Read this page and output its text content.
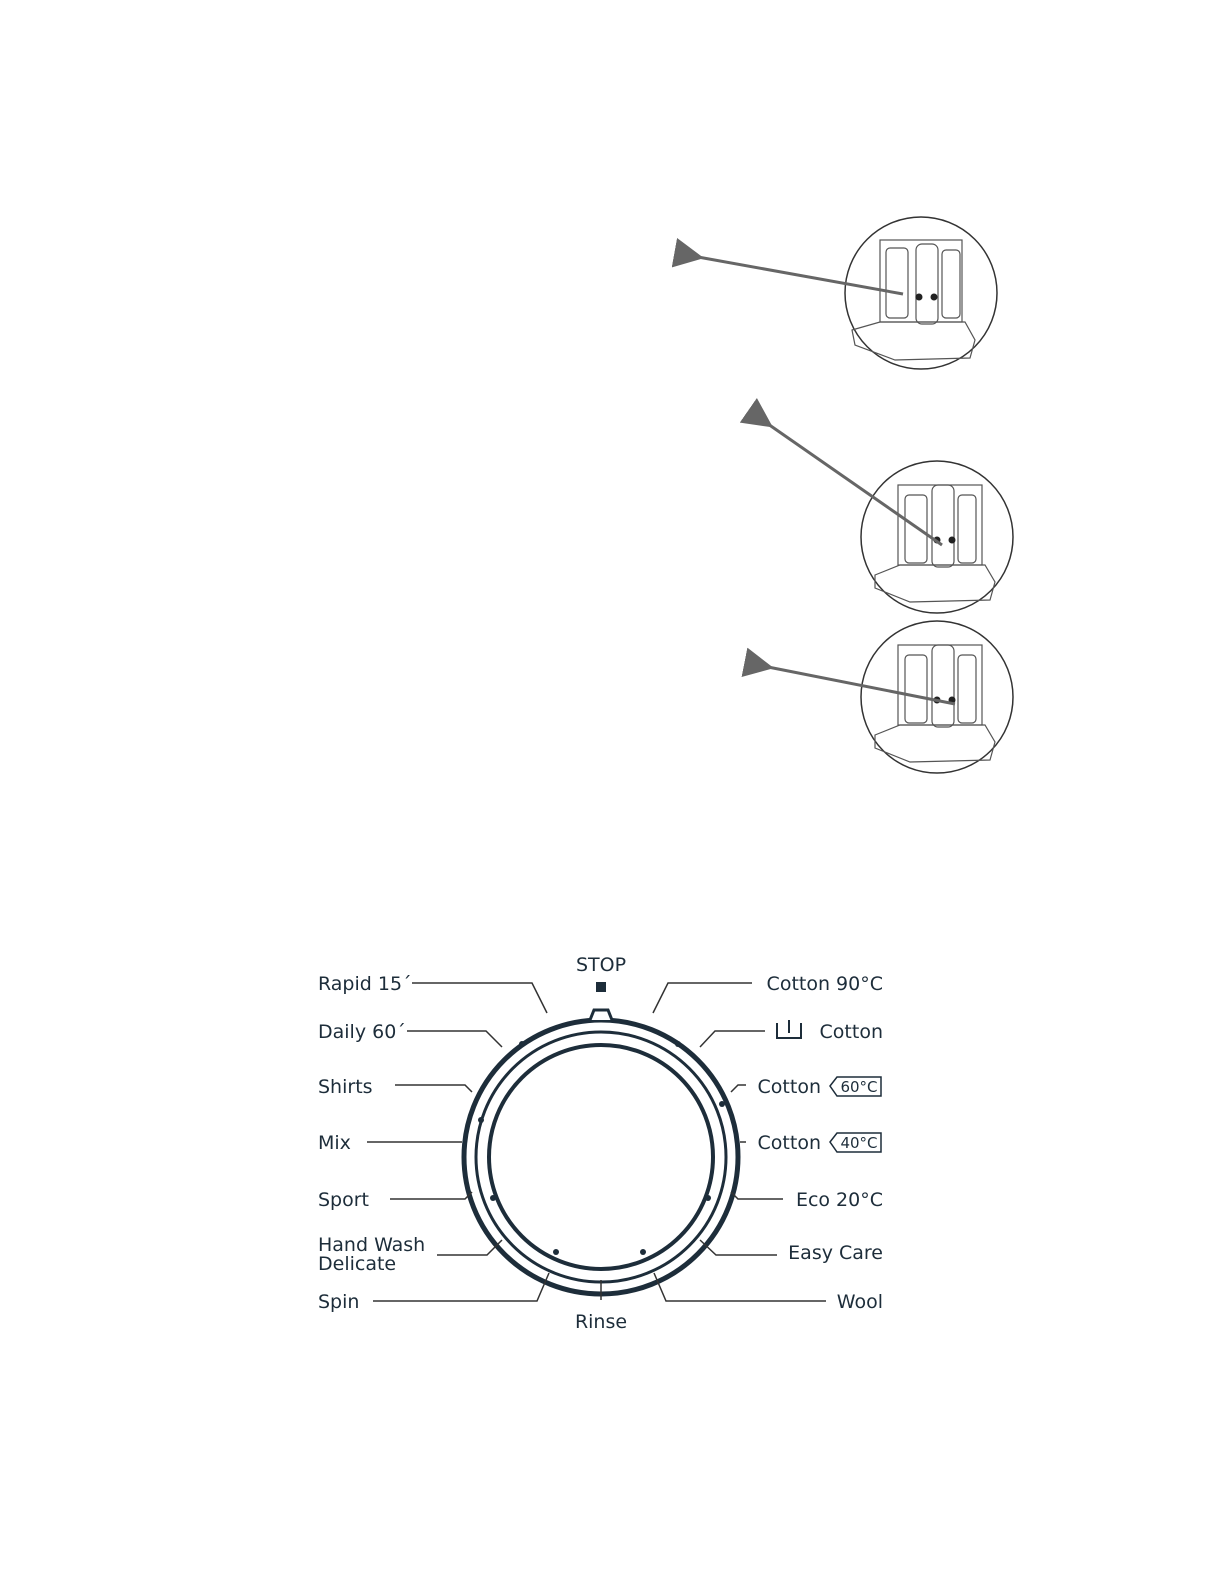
STOP
Rapid 15´
Daily 60´
Shirts
Mix
Sport
Hand Wash
Delicate
Spin
Rinse
Cotton 90°C
Cotton
Cotton 60°C
Cotton 40°C
Eco 20°C
Easy Care
Wool
